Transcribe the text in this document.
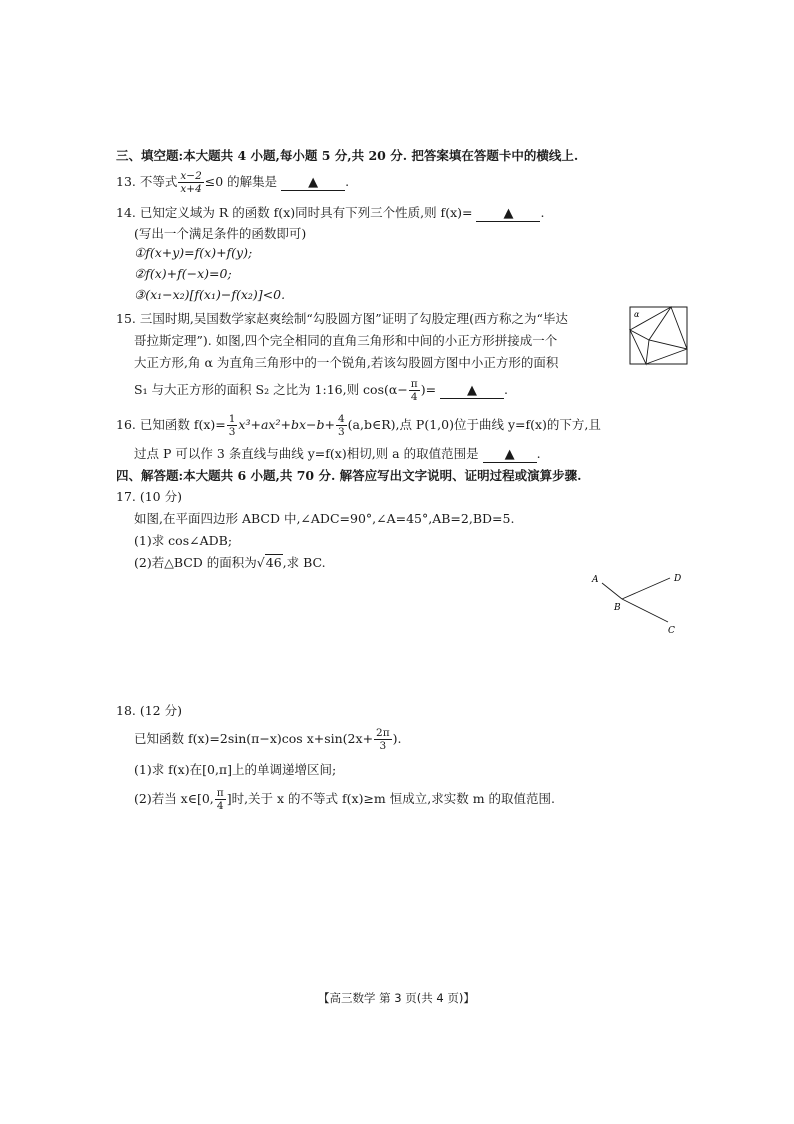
三、填空题:本大题共 4 小题,每小题 5 分,共 20 分. 把答案填在答题卡中的横线上.
13. 不等式 $\frac{x-2}{x+4} \le 0$ 的解集是 ▲ .
14. 已知定义域为 R 的函数 f(x)同时具有下列三个性质,则 f(x)= ▲ .
(写出一个满足条件的函数即可)
①f(x+y)=f(x)+f(y);
②f(x)+f(−x)=0;
③(x₁−x₂)[f(x₁)−f(x₂)]<0.
15. 三国时期,吴国数学家赵爽绘制“勾股圆方图”证明了勾股定理(西方称之为“毕达
哥拉斯定理”). 如图,四个完全相同的直角三角形和中间的小正方形拼接成一个
大正方形,角 α 为直角三角形中的一个锐角,若该勾股圆方图中小正方形的面积
S₁ 与大正方形的面积 S₂ 之比为 1:16,则 $\cos(\alpha- \frac{\pi}{4}$ )= ▲ .
α
16. 已知函数 $f(x)= \frac{1}{3} x^3+ax^2+bx-b+ \frac{4}{3}$ (a,b∈R),点 P(1,0)位于曲线 y=f(x)的下方,且
过点 P 可以作 3 条直线与曲线 y=f(x)相切,则 a 的取值范围是 ▲ .
四、解答题:本大题共 6 小题,共 70 分. 解答应写出文字说明、证明过程或演算步骤.
17. (10 分)
如图,在平面四边形 ABCD 中,∠ADC=90°,∠A=45°,AB=2,BD=5.
(1)求 cos∠ADB;
(2)若△BCD 的面积为√46,求 BC.
A
B
D
C
18. (12 分)
已知函数 f(x)=2sin(π−x)cos $x+\sin(2x+ \frac{2\pi}{3}$ ).
(1)求 f(x)在[0,π]上的单调递增区间;
(2)若当 x∈[0, $\frac{\pi}{4}$ ]时,关于 x 的不等式 f(x)≥m 恒成立,求实数 m 的取值范围.
【高三数学 第 3 页(共 4 页)】
